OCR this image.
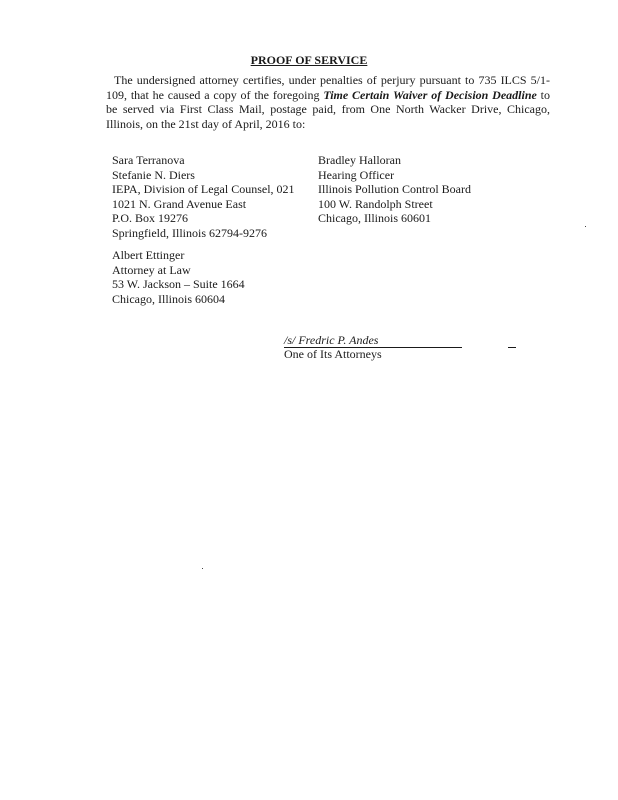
PROOF OF SERVICE

The undersigned attorney certifies, under penalties of perjury pursuant to 735 ILCS 5/1-109, that he caused a copy of the foregoing Time Certain Waiver of Decision Deadline to be served via First Class Mail, postage paid, from One North Wacker Drive, Chicago, Illinois, on the 21st day of April, 2016 to:

Sara Terranova
Stefanie N. Diers
IEPA, Division of Legal Counsel, 021
1021 N. Grand Avenue East
P.O. Box 19276
Springfield, Illinois 62794-9276
Bradley Halloran
Hearing Officer
Illinois Pollution Control Board
100 W. Randolph Street
Chicago, Illinois 60601
Albert Ettinger
Attorney at Law
53 W. Jackson – Suite 1664
Chicago, Illinois 60604
/s/ Fredric P. Andes
One of Its Attorneys
